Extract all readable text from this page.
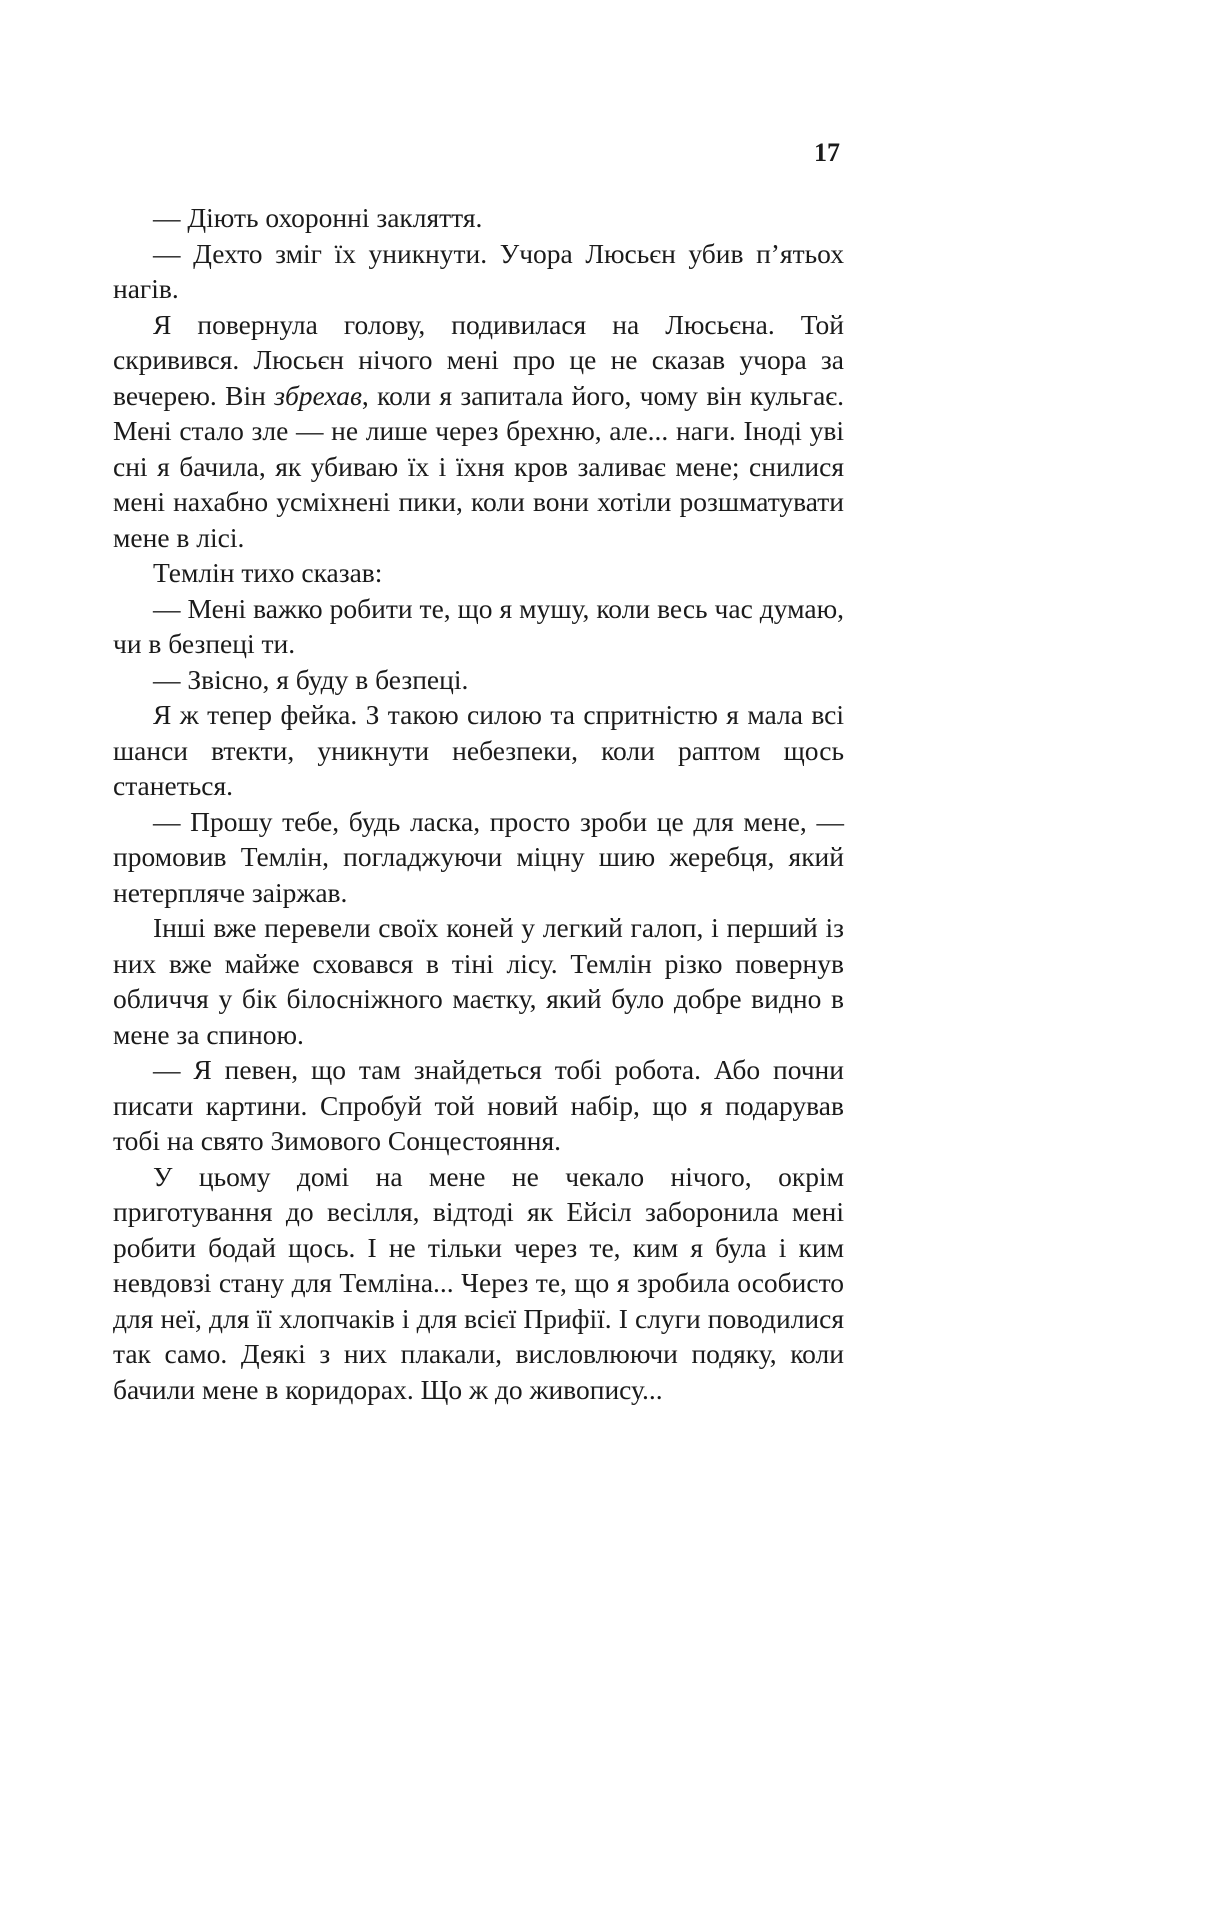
17

— Діють охоронні закляття.

— Дехто зміг їх уникнути. Учора Люсьєн убив п’ятьох нагів.

Я повернула голову, подивилася на Люсьєна. Той скривився. Люсьєн нічого мені про це не сказав учора за вечерею. Він збрехав, коли я запитала його, чому він кульгає. Мені стало зле — не лише через брехню, але... наги. Іноді уві сні я бачила, як убиваю їх і їхня кров заливає мене; снилися мені нахабно усміхнені пики, коли вони хотіли розшматувати мене в лісі.

Темлін тихо сказав:

— Мені важко робити те, що я мушу, коли весь час думаю, чи в безпеці ти.

— Звісно, я буду в безпеці.

Я ж тепер фейка. З такою силою та спритністю я мала всі шанси втекти, уникнути небезпеки, коли раптом щось станеться.

— Прошу тебе, будь ласка, просто зроби це для мене, — промовив Темлін, погладжуючи міцну шию жеребця, який нетерпляче заіржав.

Інші вже перевели своїх коней у легкий галоп, і перший із них вже майже сховався в тіні лісу. Темлін різко повернув обличчя у бік білосніжного маєтку, який було добре видно в мене за спиною.

— Я певен, що там знайдеться тобі робота. Або почни писати картини. Спробуй той новий набір, що я подарував тобі на свято Зимового Сонцестояння.

У цьому домі на мене не чекало нічого, окрім приготування до весілля, відтоді як Ейсіл заборонила мені робити бодай щось. І не тільки через те, ким я була і ким невдовзі стану для Темліна... Через те, що я зробила особисто для неї, для її хлопчаків і для всієї Прифії. І слуги поводилися так само. Деякі з них плакали, висловлюючи подяку, коли бачили мене в коридорах. Що ж до живопису...
